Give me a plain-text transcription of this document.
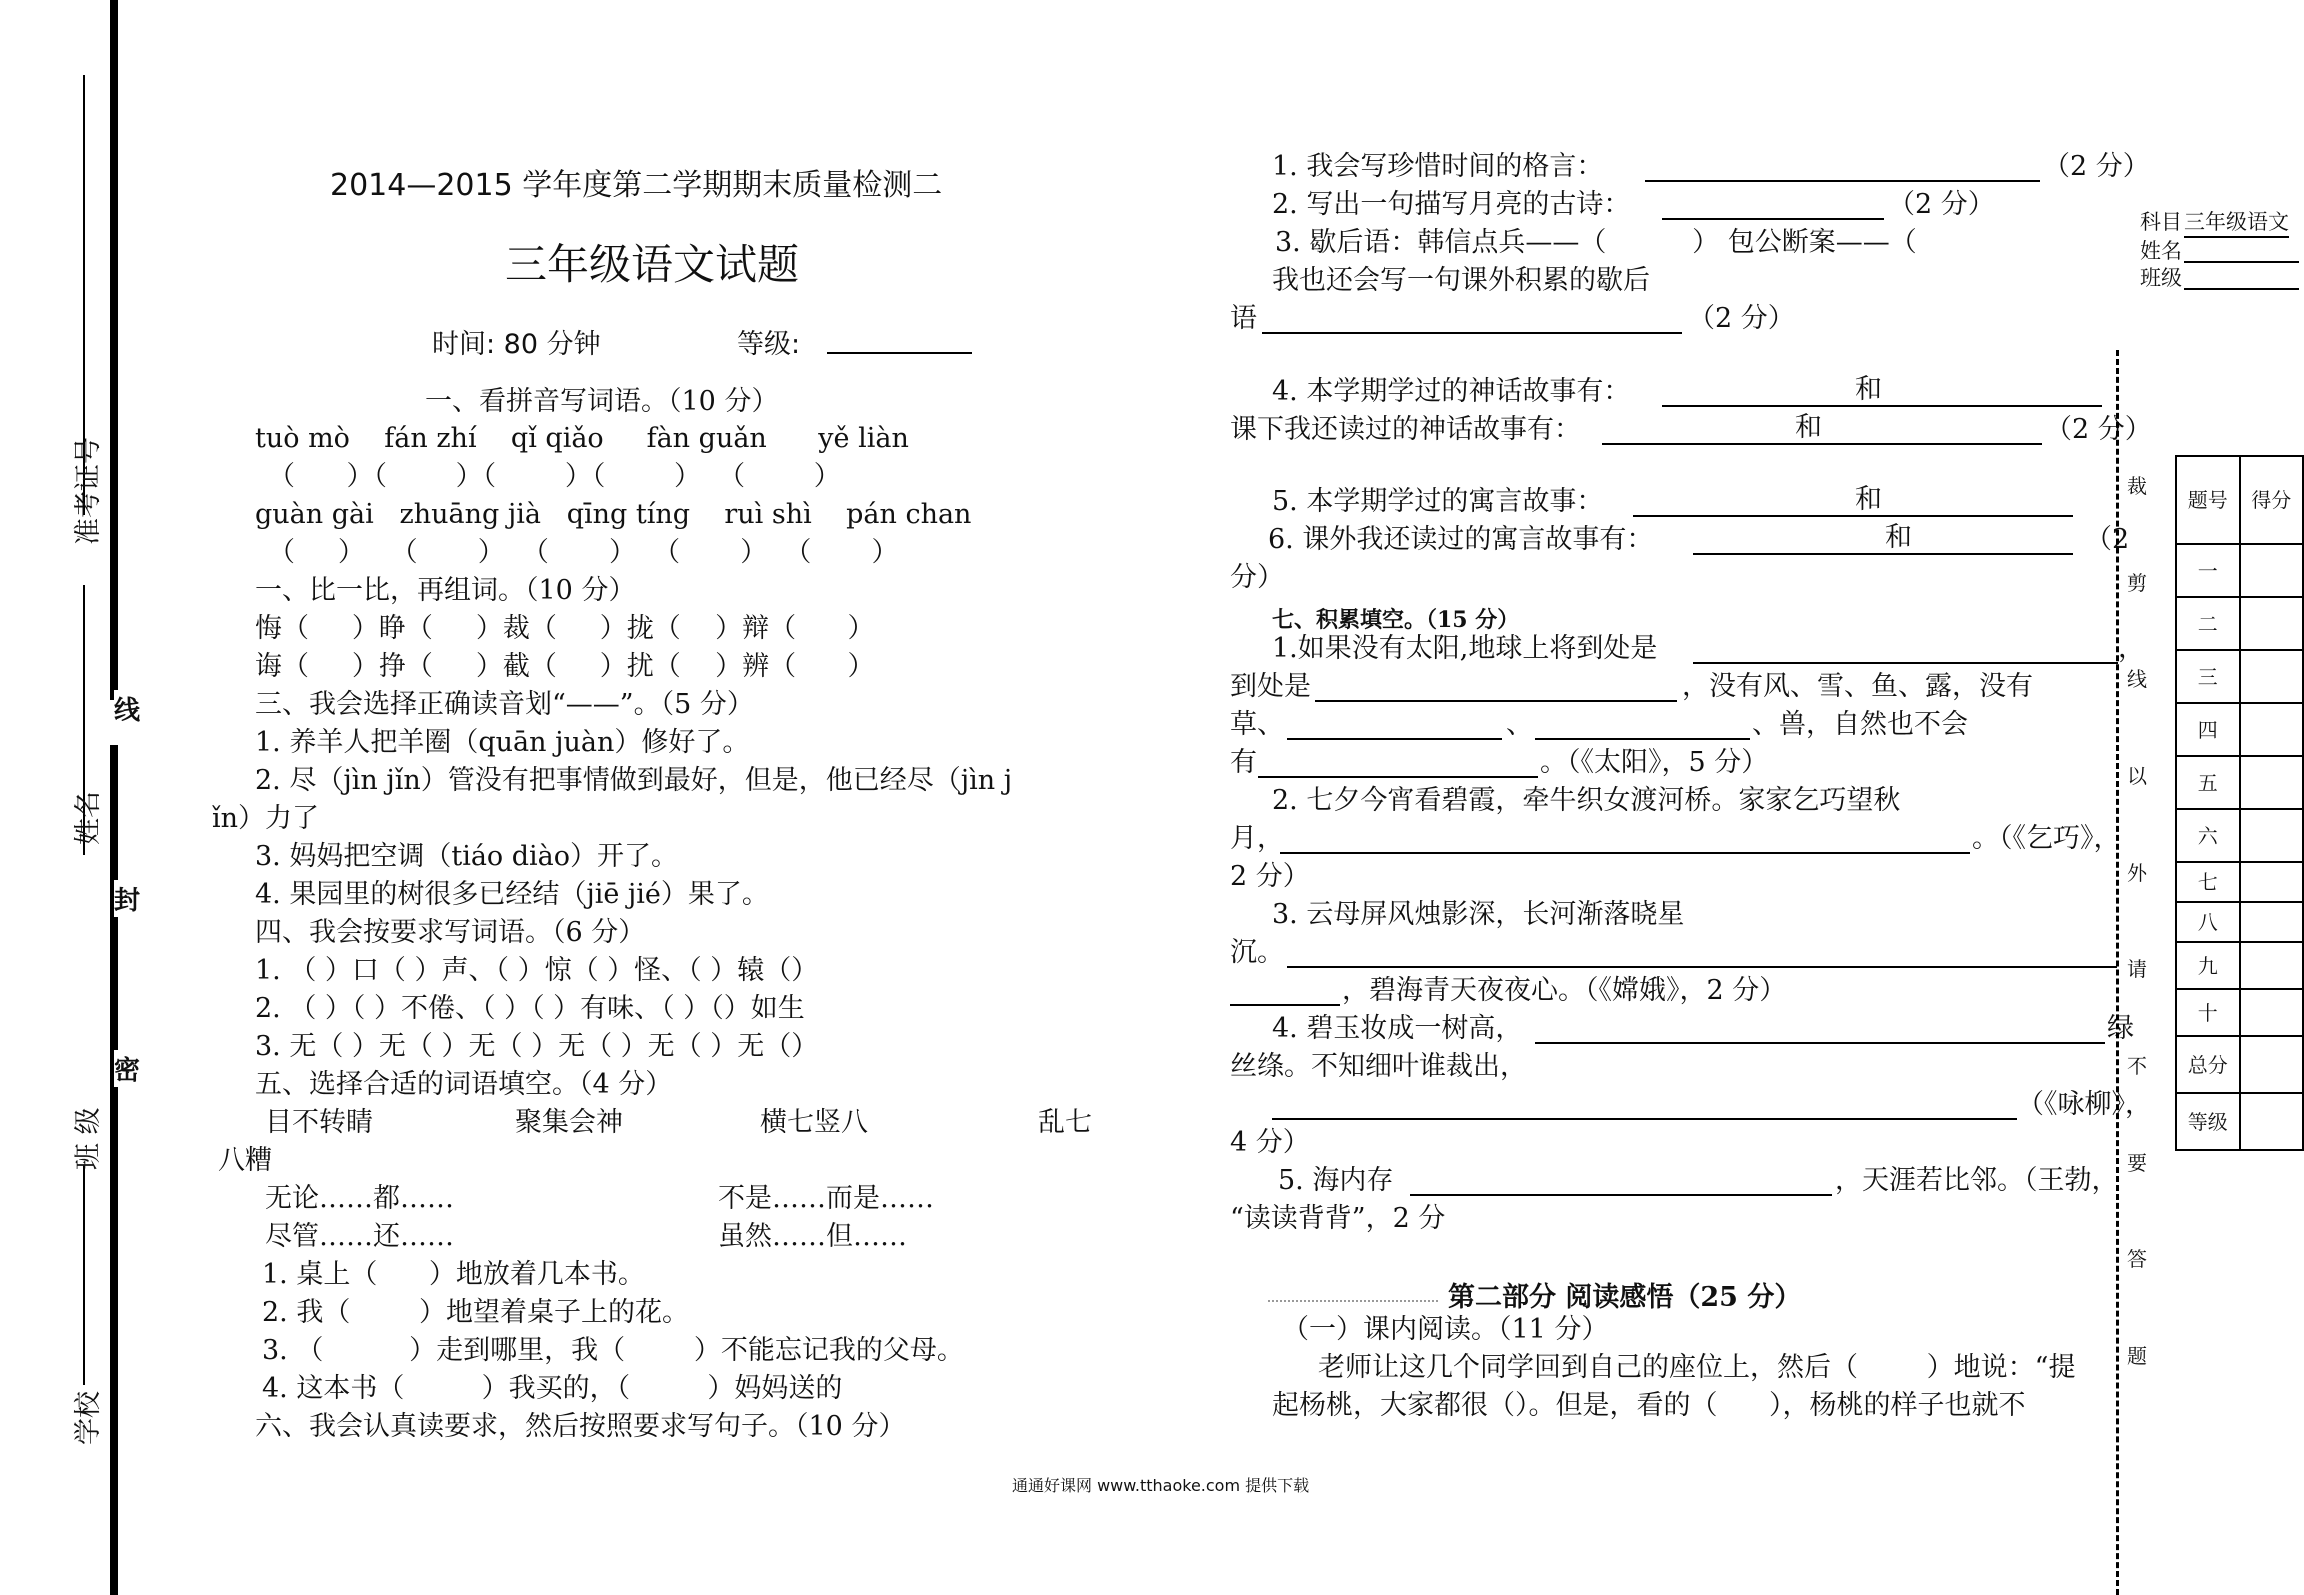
准考证号
姓名
班 级
学校
线
封
密
2014—2015 学年度第二学期期末质量检测二
三年级语文试题
时间: 80 分钟	等级:
一、看拼音写词语。（10 分）
tuò mò    fán zhí    qǐ qiǎo     fàn guǎn      yě liàn
（      ）（        ）（        ）（        ）  （        ）
guàn gài   zhuāng jià   qīng tíng    ruì shì    pán chan
（     ）   （       ）  （       ）  （       ）  （       ）
一、比一比，再组词。（10 分）
悔（     ）睁（     ）裁（     ）拢（    ）辩（      ）
诲（     ）挣（     ）截（     ）扰（    ）辨（      ）
三、我会选择正确读音划“——”。（5 分）
1. 养羊人把羊圈（quān juàn）修好了。
2. 尽（jìn jǐn）管没有把事情做到最好，但是，他已经尽（jìn j
ǐn）力了
3. 妈妈把空调（tiáo diào）开了。
4. 果园里的树很多已经结（jiē jié）果了。
四、我会按要求写词语。（6 分）
1. （ ）口（ ）声、（ ）惊（ ）怪、（ ）辕（）
2. （ ）（ ）不倦、（ ）（ ）有味、（ ）（）如生
3. 无（ ）无（ ）无（ ）无（ ）无（ ）无（）
五、选择合适的词语填空。（4 分）
目不转睛	聚集会神	横七竖八	乱七
八糟
无论……都……	不是……而是……
尽管……还……	虽然……但……
1. 桌上（      ）地放着几本书。
2. 我（        ）地望着桌子上的花。
3. （          ）走到哪里，我（        ）不能忘记我的父母。
4. 这本书（         ）我买的，（         ）妈妈送的
六、我会认真读要求，然后按照要求写句子。（10 分）
1. 我会写珍惜时间的格言：	（2 分）
2. 写出一句描写月亮的古诗：	（2 分）
3. 歇后语：韩信点兵——（          ） 包公断案——（
我也还会写一句课外积累的歇后
语	（2 分）
4. 本学期学过的神话故事有：	和
课下我还读过的神话故事有：	和	（2 分）
5. 本学期学过的寓言故事：	和
6. 课外我还读过的寓言故事有：	和	（2
分）
七、积累填空。（15 分）
1.如果没有太阳,地球上将到处是	，
到处是	，没有风、雪、鱼、露，没有
草、	、	、兽，自然也不会
有	。（《太阳》，5 分）
2. 七夕今宵看碧霞，牵牛织女渡河桥。家家乞巧望秋
月，	。（《乞巧》，
2 分）
3. 云母屏风烛影深，长河渐落晓星
沉。
，碧海青天夜夜心。（《嫦娥》，2 分）
4. 碧玉妆成一树高，	绿
丝绦。不知细叶谁裁出，
（《咏柳》，
4 分）
5. 海内存	，天涯若比邻。（王勃，
“读读背背”，2 分
第二部分 阅读感悟（25 分）
（一）课内阅读。（11 分）
老师让这几个同学回到自己的座位上，然后（        ）地说：“提
起杨桃，大家都很（）。但是，看的（      ），杨桃的样子也就不
通通好课网 www.tthaoke.com 提供下载
裁
剪
线
以
外
请
不
要
答
题
科目 三年级语文
姓名
班级
题号	得分
一	
二	
三	
四	
五	
六	
七	
八	
九	
十	
总分	
等级	
